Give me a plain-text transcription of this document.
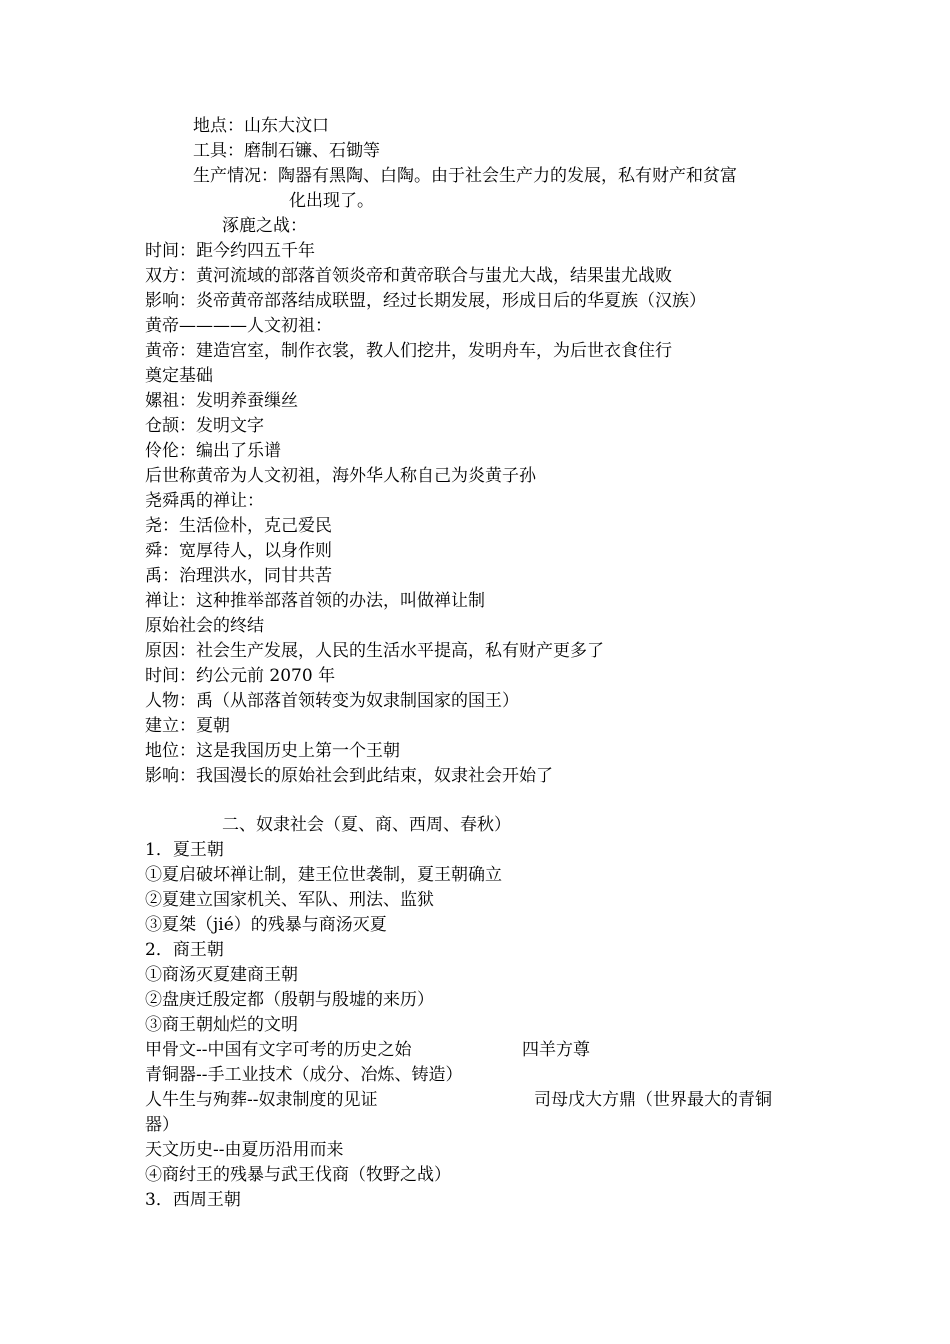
地点：山东大汶口
工具：磨制石镰、石锄等
生产情况：陶器有黑陶、白陶。由于社会生产力的发展，私有财产和贫富
化出现了。
涿鹿之战：
时间：距今约四五千年
双方：黄河流域的部落首领炎帝和黄帝联合与蚩尤大战，结果蚩尤战败
影响：炎帝黄帝部落结成联盟，经过长期发展，形成日后的华夏族（汉族）
黄帝————人文初祖：
黄帝：建造宫室，制作衣裳，教人们挖井，发明舟车，为后世衣食住行
奠定基础
嫘祖：发明养蚕缫丝
仓颉：发明文字
伶伦：编出了乐谱
后世称黄帝为人文初祖，海外华人称自己为炎黄子孙
尧舜禹的禅让：
尧：生活俭朴，克己爱民
舜：宽厚待人，以身作则
禹：治理洪水，同甘共苦
禅让：这种推举部落首领的办法，叫做禅让制
原始社会的终结
原因：社会生产发展，人民的生活水平提高，私有财产更多了
时间：约公元前 2070 年
人物：禹（从部落首领转变为奴隶制国家的国王）
建立：夏朝
地位：这是我国历史上第一个王朝
影响：我国漫长的原始社会到此结束，奴隶社会开始了
二、奴隶社会（夏、商、西周、春秋）
1．夏王朝
①夏启破坏禅让制，建王位世袭制，夏王朝确立
②夏建立国家机关、军队、刑法、监狱
③夏桀（jié）的残暴与商汤灭夏
2．商王朝
①商汤灭夏建商王朝
②盘庚迁殷定都（殷朝与殷墟的来历）
③商王朝灿烂的文明
甲骨文--中国有文字可考的历史之始	四羊方尊
青铜器--手工业技术（成分、冶炼、铸造）
人牛生与殉葬--奴隶制度的见证	司母戊大方鼎（世界最大的青铜
器）
天文历史--由夏历沿用而来
④商纣王的残暴与武王伐商（牧野之战）
3．西周王朝
